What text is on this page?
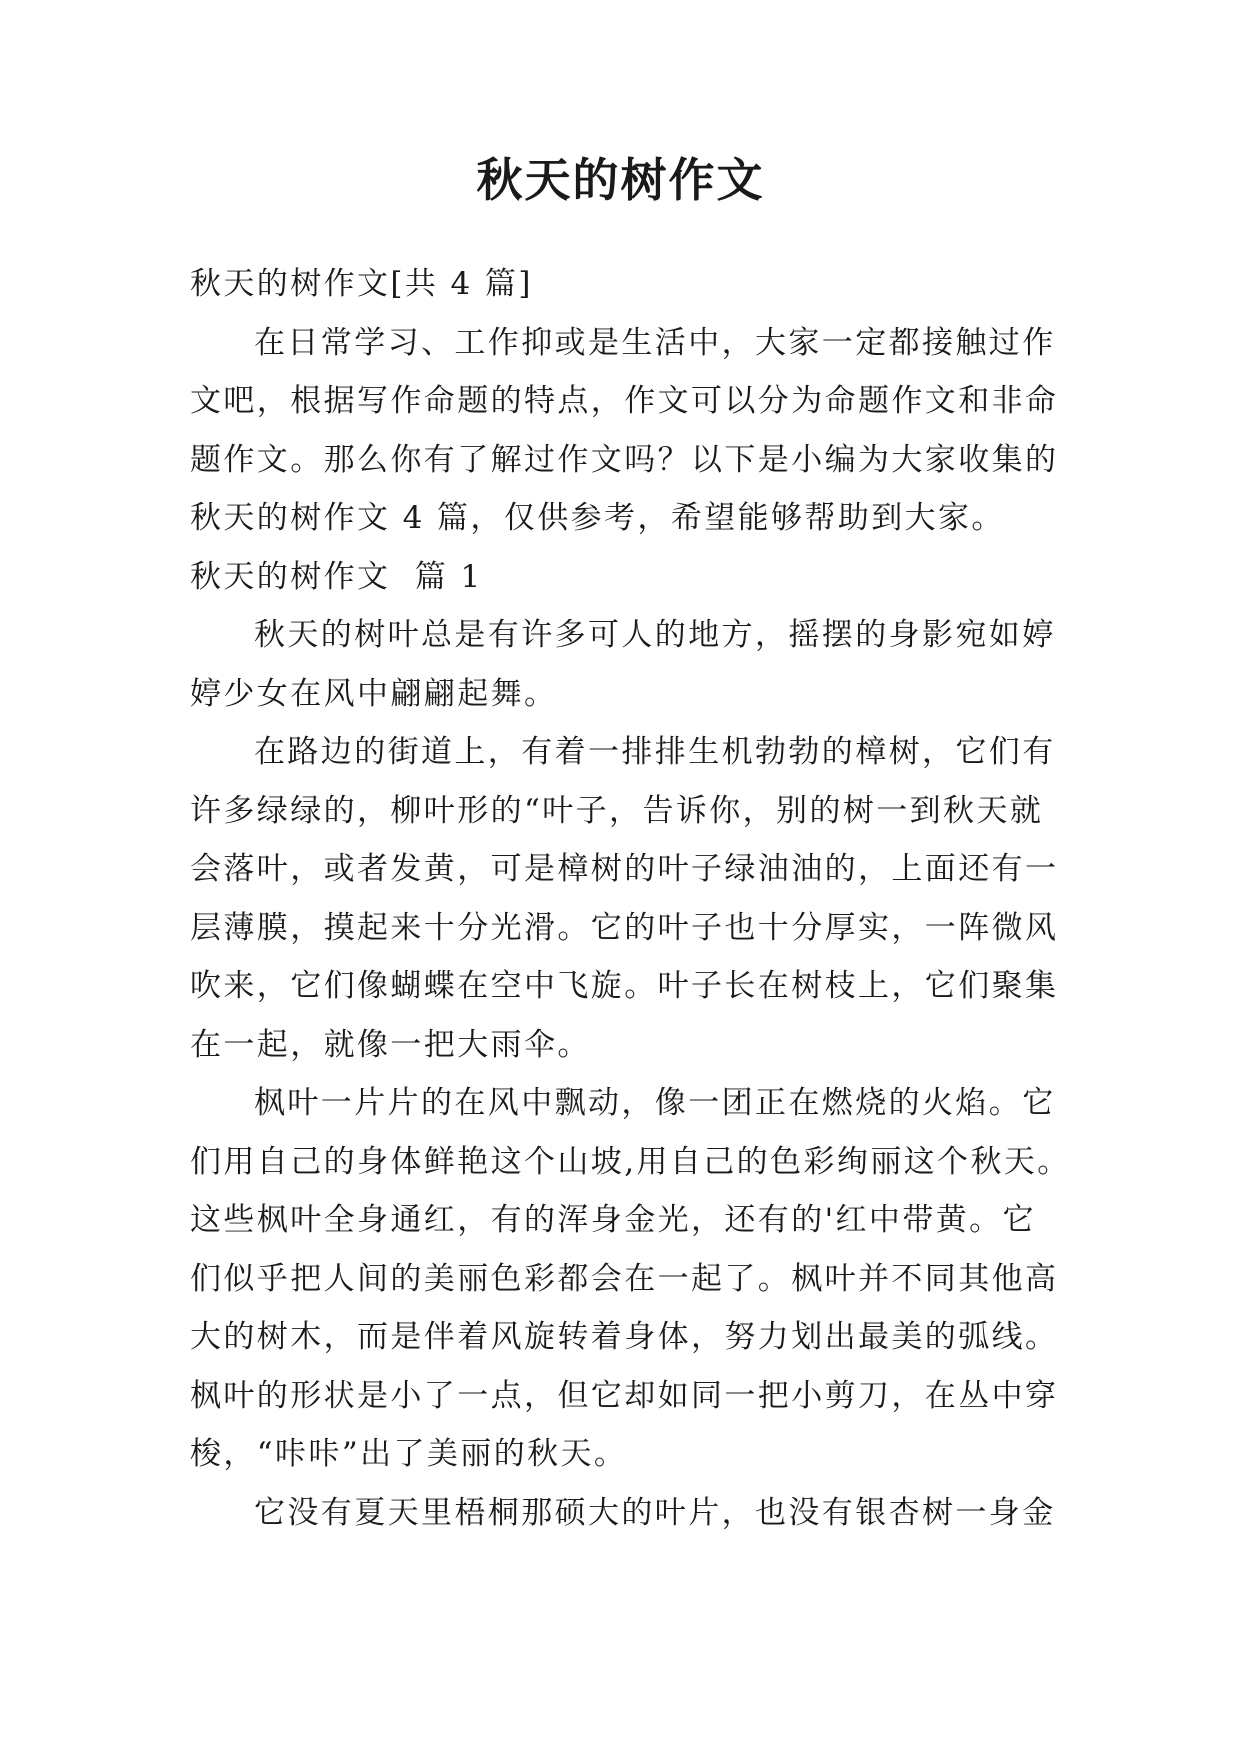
秋天的树作文

秋天的树作文[共 4 篇]

在日常学习、工作抑或是生活中，大家一定都接触过作

文吧，根据写作命题的特点，作文可以分为命题作文和非命

题作文。那么你有了解过作文吗？以下是小编为大家收集的

秋天的树作文 4 篇，仅供参考，希望能够帮助到大家。

秋天的树作文  篇 1

秋天的树叶总是有许多可人的地方，摇摆的身影宛如婷

婷少女在风中翩翩起舞。

在路边的街道上，有着一排排生机勃勃的樟树，它们有

许多绿绿的，柳叶形的“叶子，告诉你，别的树一到秋天就

会落叶，或者发黄，可是樟树的叶子绿油油的，上面还有一

层薄膜，摸起来十分光滑。它的叶子也十分厚实，一阵微风

吹来，它们像蝴蝶在空中飞旋。叶子长在树枝上，它们聚集

在一起，就像一把大雨伞。

枫叶一片片的在风中飘动，像一团正在燃烧的火焰。它

们用自己的身体鲜艳这个山坡,用自己的色彩绚丽这个秋天。

这些枫叶全身通红，有的浑身金光，还有的'红中带黄。它

们似乎把人间的美丽色彩都会在一起了。枫叶并不同其他高

大的树木，而是伴着风旋转着身体，努力划出最美的弧线。

枫叶的形状是小了一点，但它却如同一把小剪刀，在丛中穿

梭，“咔咔”出了美丽的秋天。

它没有夏天里梧桐那硕大的叶片，也没有银杏树一身金
